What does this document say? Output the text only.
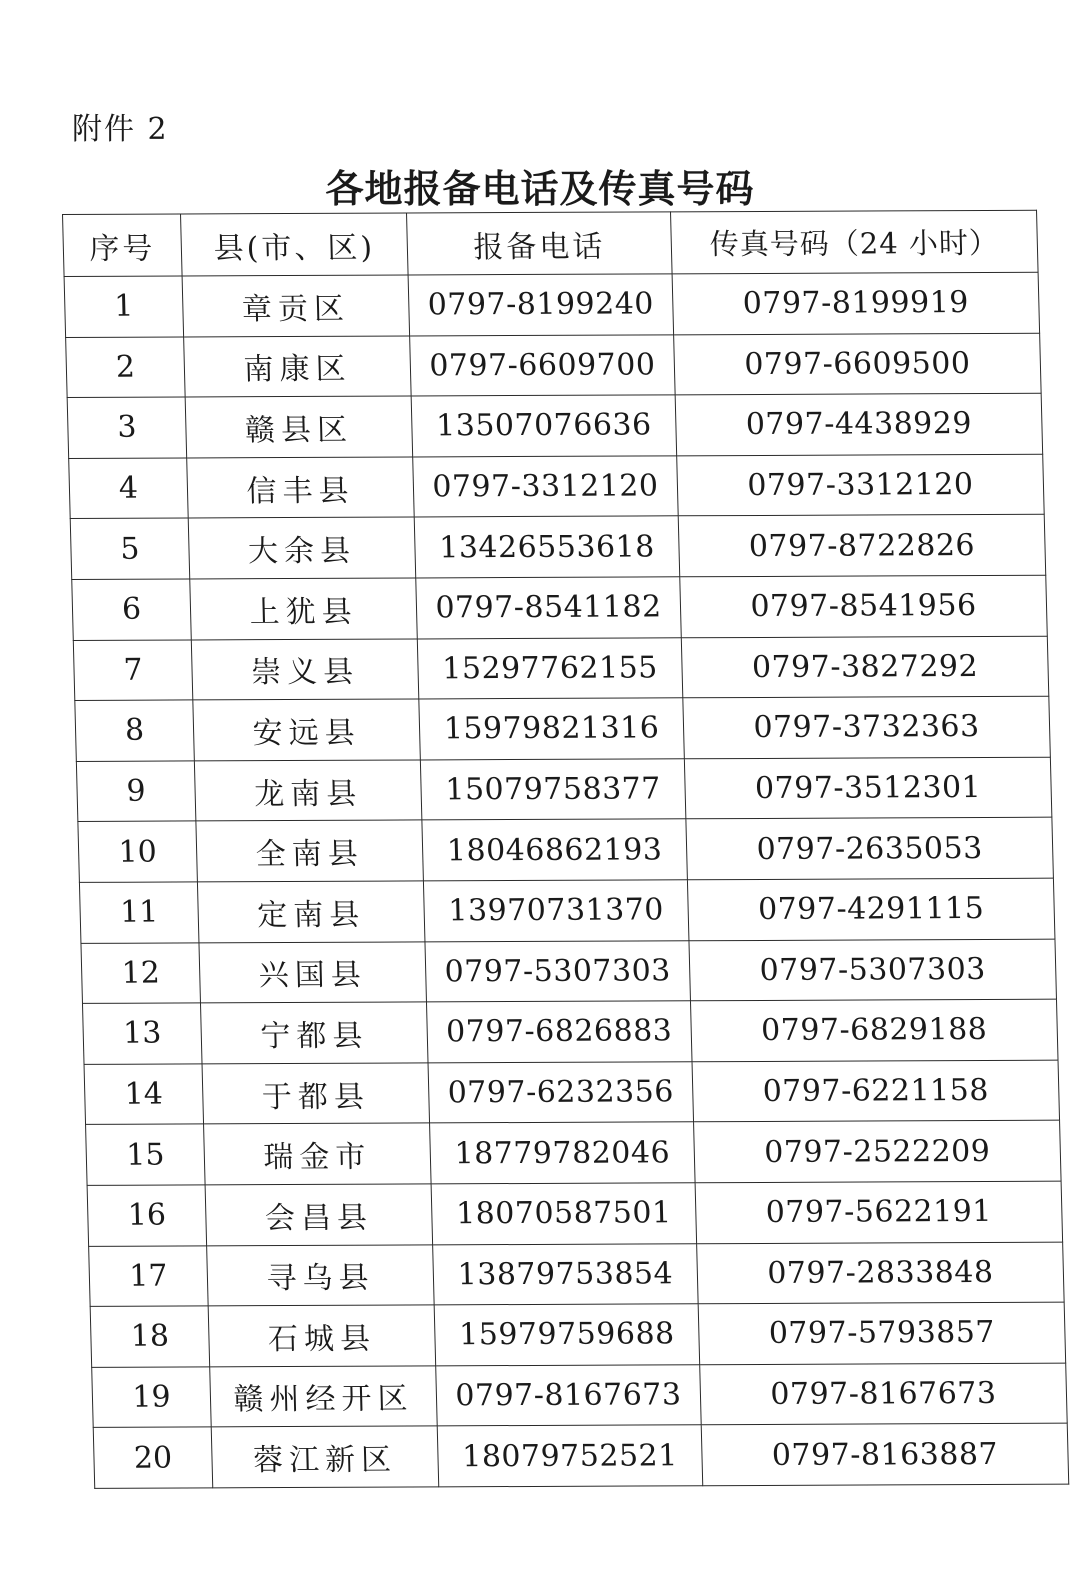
附件 2
各地报备电话及传真号码
序号	县(市、区)	报备电话	传真号码（24 小时）
1	章贡区	0797-8199240	0797-8199919
2	南康区	0797-6609700	0797-6609500
3	赣县区	13507076636	0797-4438929
4	信丰县	0797-3312120	0797-3312120
5	大余县	13426553618	0797-8722826
6	上犹县	0797-8541182	0797-8541956
7	崇义县	15297762155	0797-3827292
8	安远县	15979821316	0797-3732363
9	龙南县	15079758377	0797-3512301
10	全南县	18046862193	0797-2635053
11	定南县	13970731370	0797-4291115
12	兴国县	0797-5307303	0797-5307303
13	宁都县	0797-6826883	0797-6829188
14	于都县	0797-6232356	0797-6221158
15	瑞金市	18779782046	0797-2522209
16	会昌县	18070587501	0797-5622191
17	寻乌县	13879753854	0797-2833848
18	石城县	15979759688	0797-5793857
19	赣州经开区	0797-8167673	0797-8167673
20	蓉江新区	18079752521	0797-8163887
